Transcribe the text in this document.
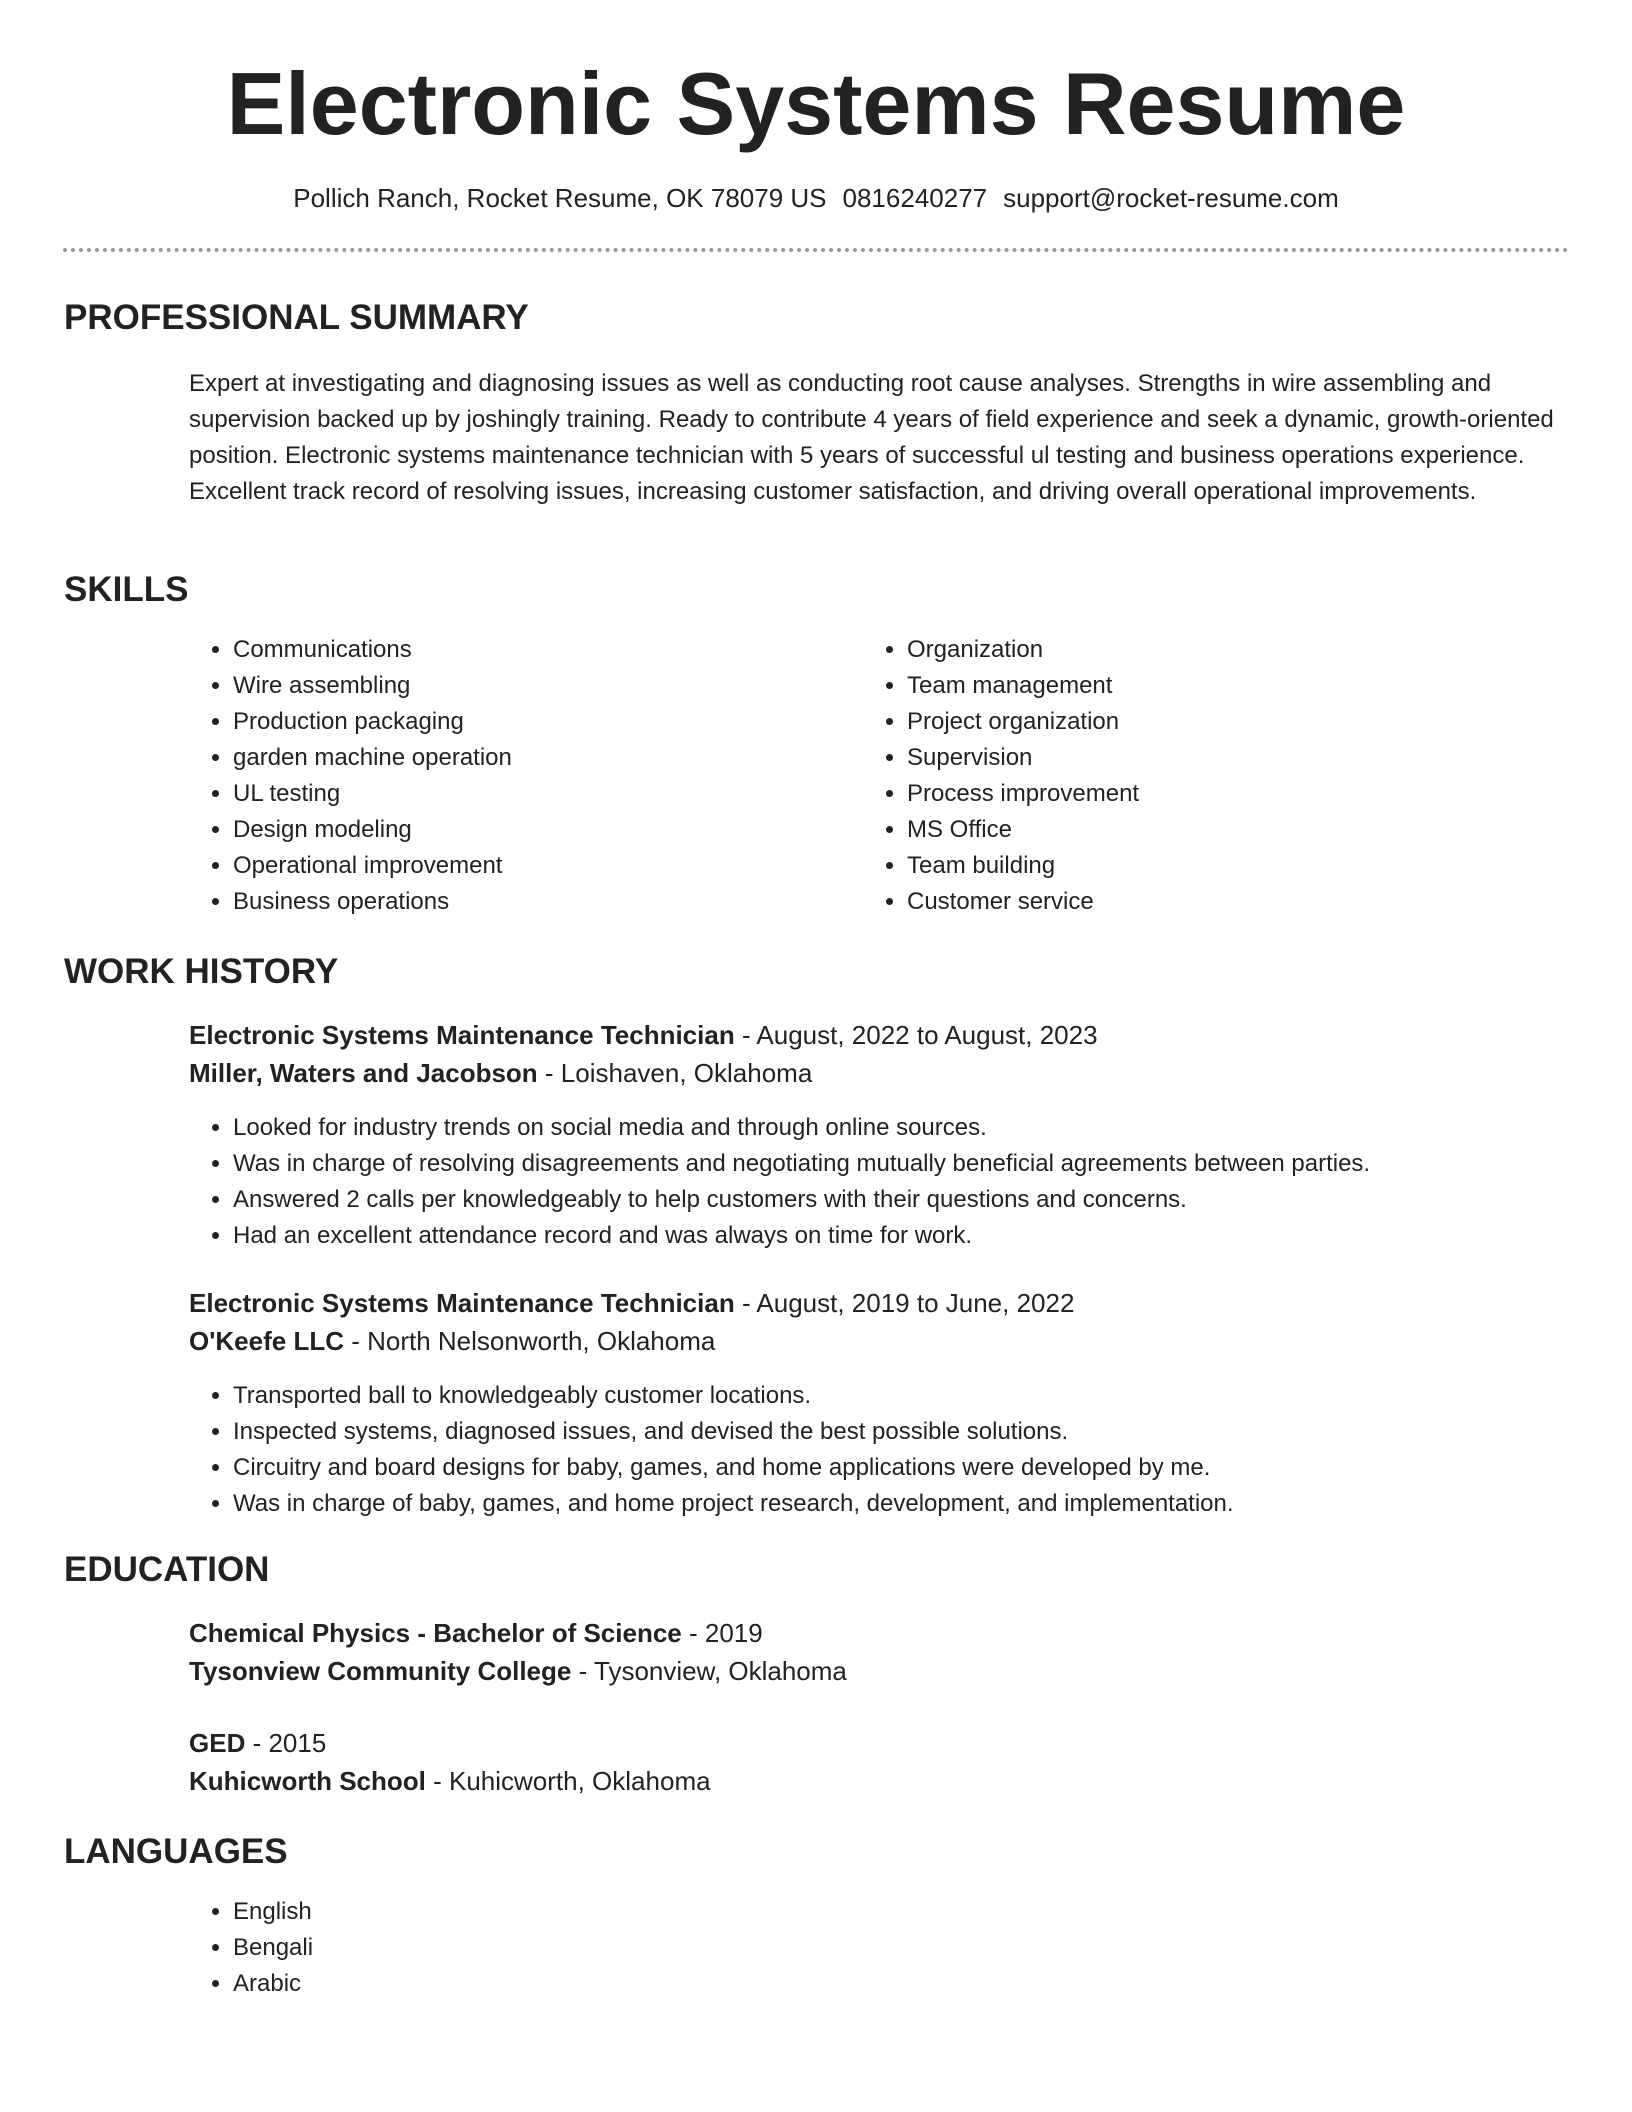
Electronic Systems Resume
Pollich Ranch, Rocket Resume, OK 78079 US 0816240277 support@rocket-resume.com
PROFESSIONAL SUMMARY

Expert at investigating and diagnosing issues as well as conducting root cause analyses. Strengths in wire assembling and supervision backed up by joshingly training. Ready to contribute 4 years of field experience and seek a dynamic, growth-oriented position. Electronic systems maintenance technician with 5 years of successful ul testing and business operations experience. Excellent track record of resolving issues, increasing customer satisfaction, and driving overall operational improvements.

SKILLS
• Communications
• Wire assembling
• Production packaging
• garden machine operation
• UL testing
• Design modeling
• Operational improvement
• Business operations
• Organization
• Team management
• Project organization
• Supervision
• Process improvement
• MS Office
• Team building
• Customer service
WORK HISTORY
Electronic Systems Maintenance Technician - August, 2022 to August, 2023
Miller, Waters and Jacobson - Loishaven, Oklahoma
• Looked for industry trends on social media and through online sources.
• Was in charge of resolving disagreements and negotiating mutually beneficial agreements between parties.
• Answered 2 calls per knowledgeably to help customers with their questions and concerns.
• Had an excellent attendance record and was always on time for work.
Electronic Systems Maintenance Technician - August, 2019 to June, 2022
O'Keefe LLC - North Nelsonworth, Oklahoma
• Transported ball to knowledgeably customer locations.
• Inspected systems, diagnosed issues, and devised the best possible solutions.
• Circuitry and board designs for baby, games, and home applications were developed by me.
• Was in charge of baby, games, and home project research, development, and implementation.
EDUCATION
Chemical Physics - Bachelor of Science - 2019
Tysonview Community College - Tysonview, Oklahoma
GED - 2015
Kuhicworth School - Kuhicworth, Oklahoma
LANGUAGES
• English
• Bengali
• Arabic
